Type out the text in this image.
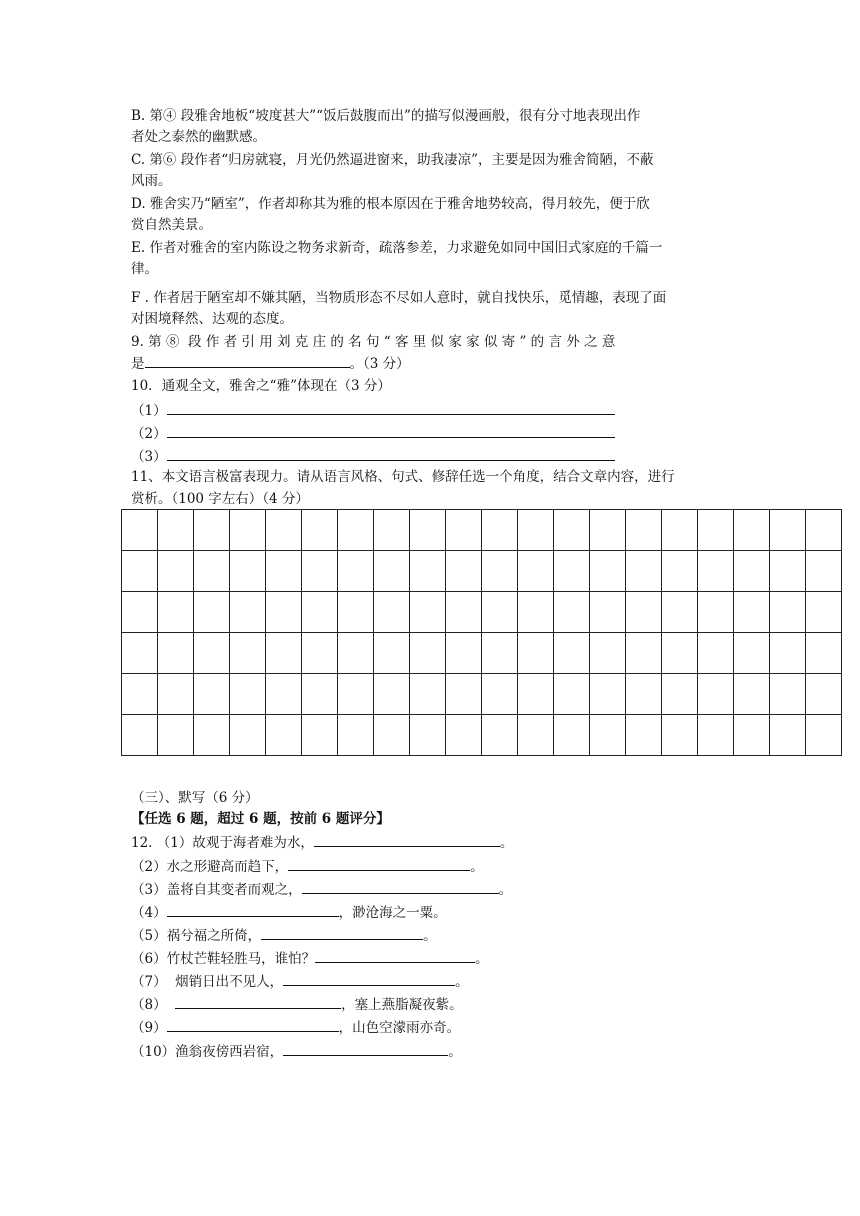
B. 第④ 段雅舍地板“坡度甚大”“饭后鼓腹而出”的描写似漫画般，很有分寸地表现出作
者处之泰然的幽默感。
C. 第⑥ 段作者“归房就寝，月光仍然逼进窗来，助我凄凉”，主要是因为雅舍简陋，不蔽
风雨。
D. 雅舍实乃“陋室”，作者却称其为雅的根本原因在于雅舍地势较高，得月较先，便于欣
赏自然美景。
E. 作者对雅舍的室内陈设之物务求新奇，疏落参差，力求避免如同中国旧式家庭的千篇一
律。
F . 作者居于陋室却不嫌其陋，当物质形态不尽如人意时，就自找快乐，觅情趣，表现了面
对困境释然、达观的态度。
9. 第 ⑧  段 作 者 引 用 刘 克 庄 的 名 句 “ 客 里 似 家 家 似 寄 ” 的 言 外 之 意
是	。（3 分）
10．通观全文，雅舍之“雅”体现在（3 分）
（1）
（2）
（3）
11、本文语言极富表现力。请从语言风格、句式、修辞任选一个角度，结合文章内容，进行
赏析。（100 字左右）（4 分）

（三）、默写（6 分）
【任选 6 题，超过 6 题，按前 6 题评分】
12. （1）故观于海者难为水，	。
（2）水之形避高而趋下，	。
（3）盖将自其变者而观之，	。
（4）	，渺沧海之一粟。
（5）祸兮福之所倚，	。
（6）竹杖芒鞋轻胜马，谁怕？	。
（7）  烟销日出不见人，	。
（8）	，塞上燕脂凝夜紫。
（9）	，山色空濛雨亦奇。
（10）渔翁夜傍西岩宿，	。
